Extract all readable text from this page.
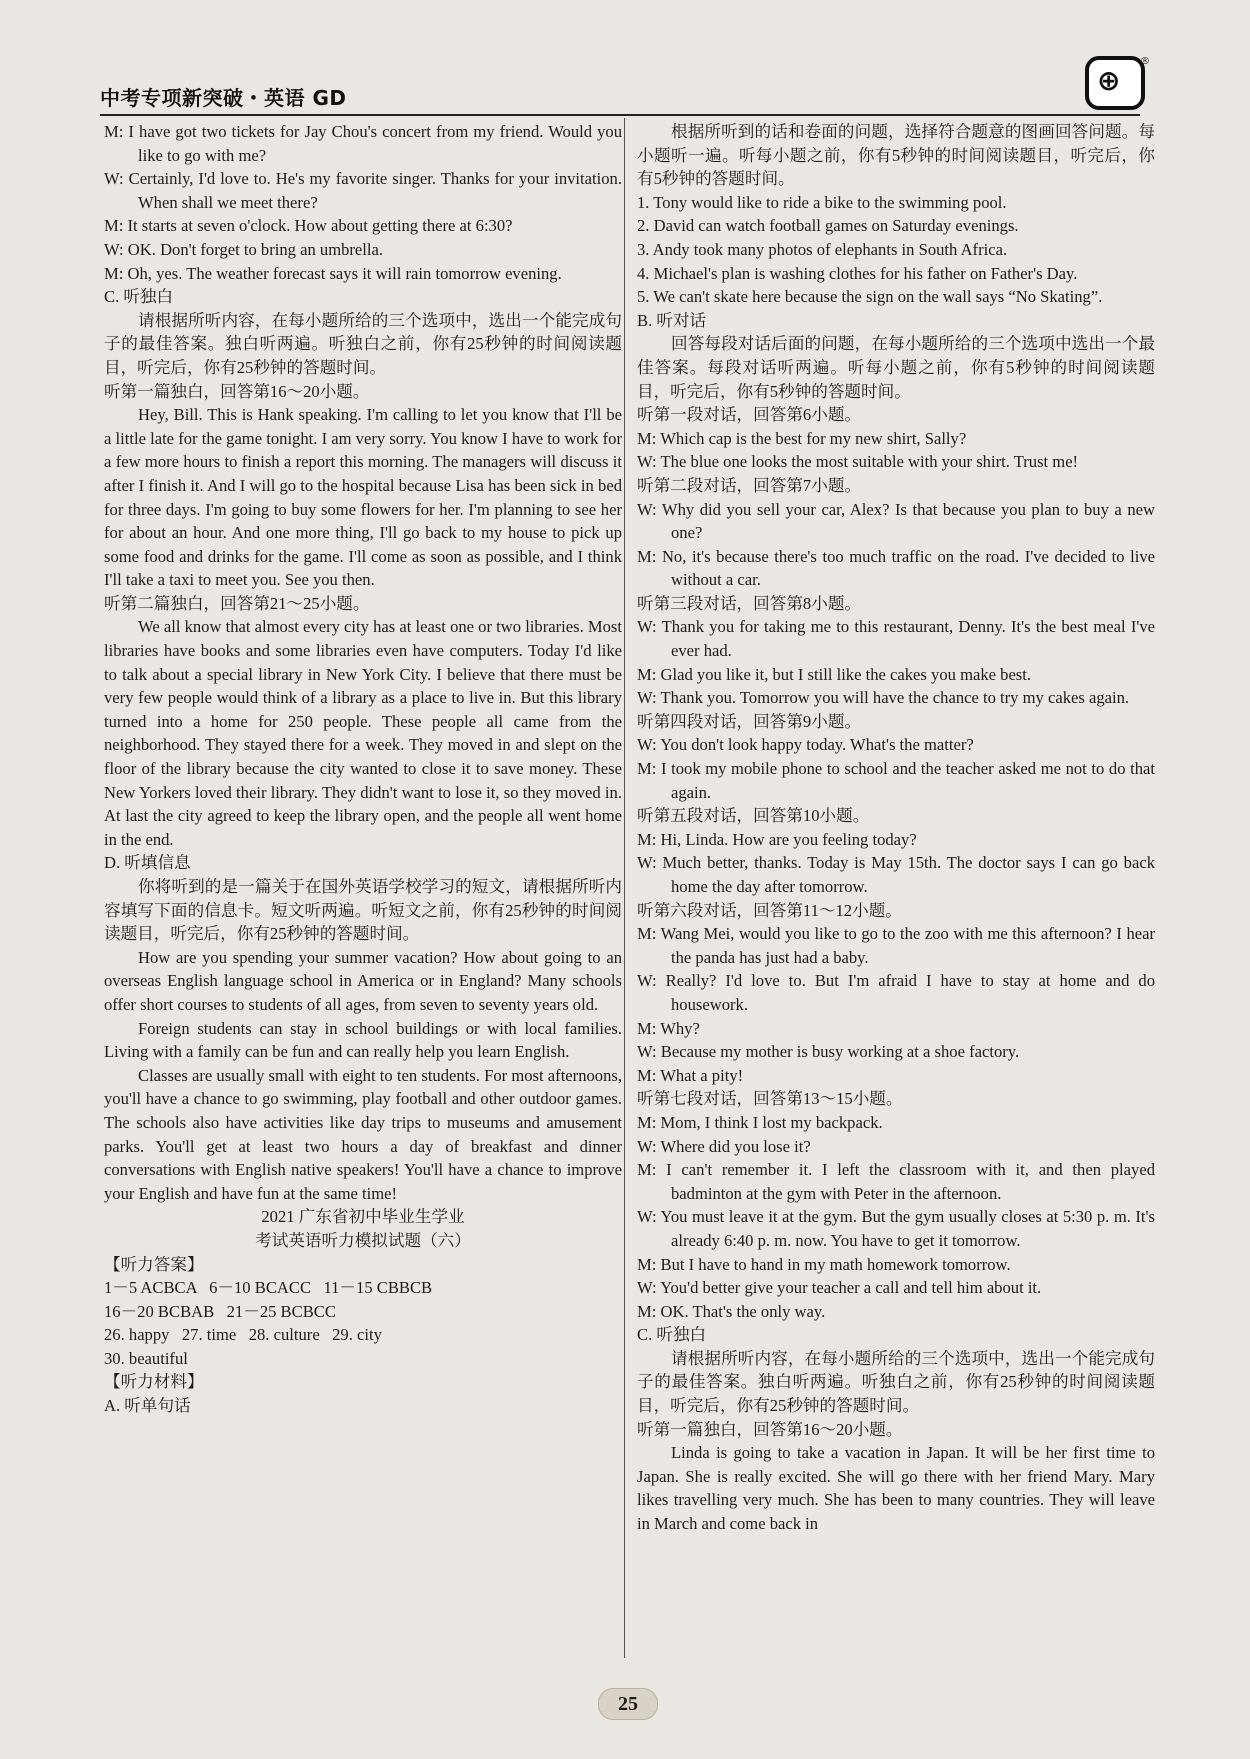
中考专项新突破・英语 GD
⊕
®

M: I have got two tickets for Jay Chou's concert from my friend. Would you like to go with me?

W: Certainly, I'd love to. He's my favorite singer. Thanks for your invitation. When shall we meet there?

M: It starts at seven o'clock. How about getting there at 6:30?

W: OK. Don't forget to bring an umbrella.

M: Oh, yes. The weather forecast says it will rain tomorrow evening.

C. 听独白

请根据所听内容，在每小题所给的三个选项中，选出一个能完成句子的最佳答案。独白听两遍。听独白之前，你有25秒钟的时间阅读题目，听完后，你有25秒钟的答题时间。

听第一篇独白，回答第16～20小题。

Hey, Bill. This is Hank speaking. I'm calling to let you know that I'll be a little late for the game tonight. I am very sorry. You know I have to work for a few more hours to finish a report this morning. The managers will discuss it after I finish it. And I will go to the hospital because Lisa has been sick in bed for three days. I'm going to buy some flowers for her. I'm planning to see her for about an hour. And one more thing, I'll go back to my house to pick up some food and drinks for the game. I'll come as soon as possible, and I think I'll take a taxi to meet you. See you then.

听第二篇独白，回答第21～25小题。

We all know that almost every city has at least one or two libraries. Most libraries have books and some libraries even have computers. Today I'd like to talk about a special library in New York City. I believe that there must be very few people would think of a library as a place to live in. But this library turned into a home for 250 people. These people all came from the neighborhood. They stayed there for a week. They moved in and slept on the floor of the library because the city wanted to close it to save money. These New Yorkers loved their library. They didn't want to lose it, so they moved in. At last the city agreed to keep the library open, and the people all went home in the end.

D. 听填信息

你将听到的是一篇关于在国外英语学校学习的短文，请根据所听内容填写下面的信息卡。短文听两遍。听短文之前，你有25秒钟的时间阅读题目，听完后，你有25秒钟的答题时间。

How are you spending your summer vacation? How about going to an overseas English language school in America or in England? Many schools offer short courses to students of all ages, from seven to seventy years old.

Foreign students can stay in school buildings or with local families. Living with a family can be fun and can really help you learn English.

Classes are usually small with eight to ten students. For most afternoons, you'll have a chance to go swimming, play football and other outdoor games. The schools also have activities like day trips to museums and amusement parks. You'll get at least two hours a day of breakfast and dinner conversations with English native speakers! You'll have a chance to improve your English and have fun at the same time!

2021 广东省初中毕业生学业

考试英语听力模拟试题（六）

【听力答案】

1－5 ACBCA   6－10 BCACC   11－15 CBBCB

16－20 BCBAB   21－25 BCBCC

26. happy   27. time   28. culture   29. city

30. beautiful

【听力材料】

A. 听单句话

根据所听到的话和卷面的问题，选择符合题意的图画回答问题。每小题听一遍。听每小题之前，你有5秒钟的时间阅读题目，听完后，你有5秒钟的答题时间。

1. Tony would like to ride a bike to the swimming pool.

2. David can watch football games on Saturday evenings.

3. Andy took many photos of elephants in South Africa.

4. Michael's plan is washing clothes for his father on Father's Day.

5. We can't skate here because the sign on the wall says “No Skating”.

B. 听对话

回答每段对话后面的问题，在每小题所给的三个选项中选出一个最佳答案。每段对话听两遍。听每小题之前，你有5秒钟的时间阅读题目，听完后，你有5秒钟的答题时间。

听第一段对话，回答第6小题。

M: Which cap is the best for my new shirt, Sally?

W: The blue one looks the most suitable with your shirt. Trust me!

听第二段对话，回答第7小题。

W: Why did you sell your car, Alex? Is that because you plan to buy a new one?

M: No, it's because there's too much traffic on the road. I've decided to live without a car.

听第三段对话，回答第8小题。

W: Thank you for taking me to this restaurant, Denny. It's the best meal I've ever had.

M: Glad you like it, but I still like the cakes you make best.

W: Thank you. Tomorrow you will have the chance to try my cakes again.

听第四段对话，回答第9小题。

W: You don't look happy today. What's the matter?

M: I took my mobile phone to school and the teacher asked me not to do that again.

听第五段对话，回答第10小题。

M: Hi, Linda. How are you feeling today?

W: Much better, thanks. Today is May 15th. The doctor says I can go back home the day after tomorrow.

听第六段对话，回答第11～12小题。

M: Wang Mei, would you like to go to the zoo with me this afternoon? I hear the panda has just had a baby.

W: Really? I'd love to. But I'm afraid I have to stay at home and do housework.

M: Why?

W: Because my mother is busy working at a shoe factory.

M: What a pity!

听第七段对话，回答第13～15小题。

M: Mom, I think I lost my backpack.

W: Where did you lose it?

M: I can't remember it. I left the classroom with it, and then played badminton at the gym with Peter in the afternoon.

W: You must leave it at the gym. But the gym usually closes at 5:30 p. m. It's already 6:40 p. m. now. You have to get it tomorrow.

M: But I have to hand in my math homework tomorrow.

W: You'd better give your teacher a call and tell him about it.

M: OK. That's the only way.

C. 听独白

请根据所听内容，在每小题所给的三个选项中，选出一个能完成句子的最佳答案。独白听两遍。听独白之前，你有25秒钟的时间阅读题目，听完后，你有25秒钟的答题时间。

听第一篇独白，回答第16～20小题。

Linda is going to take a vacation in Japan. It will be her first time to Japan. She is really excited. She will go there with her friend Mary. Mary likes travelling very much. She has been to many countries. They will leave in March and come back in

25
